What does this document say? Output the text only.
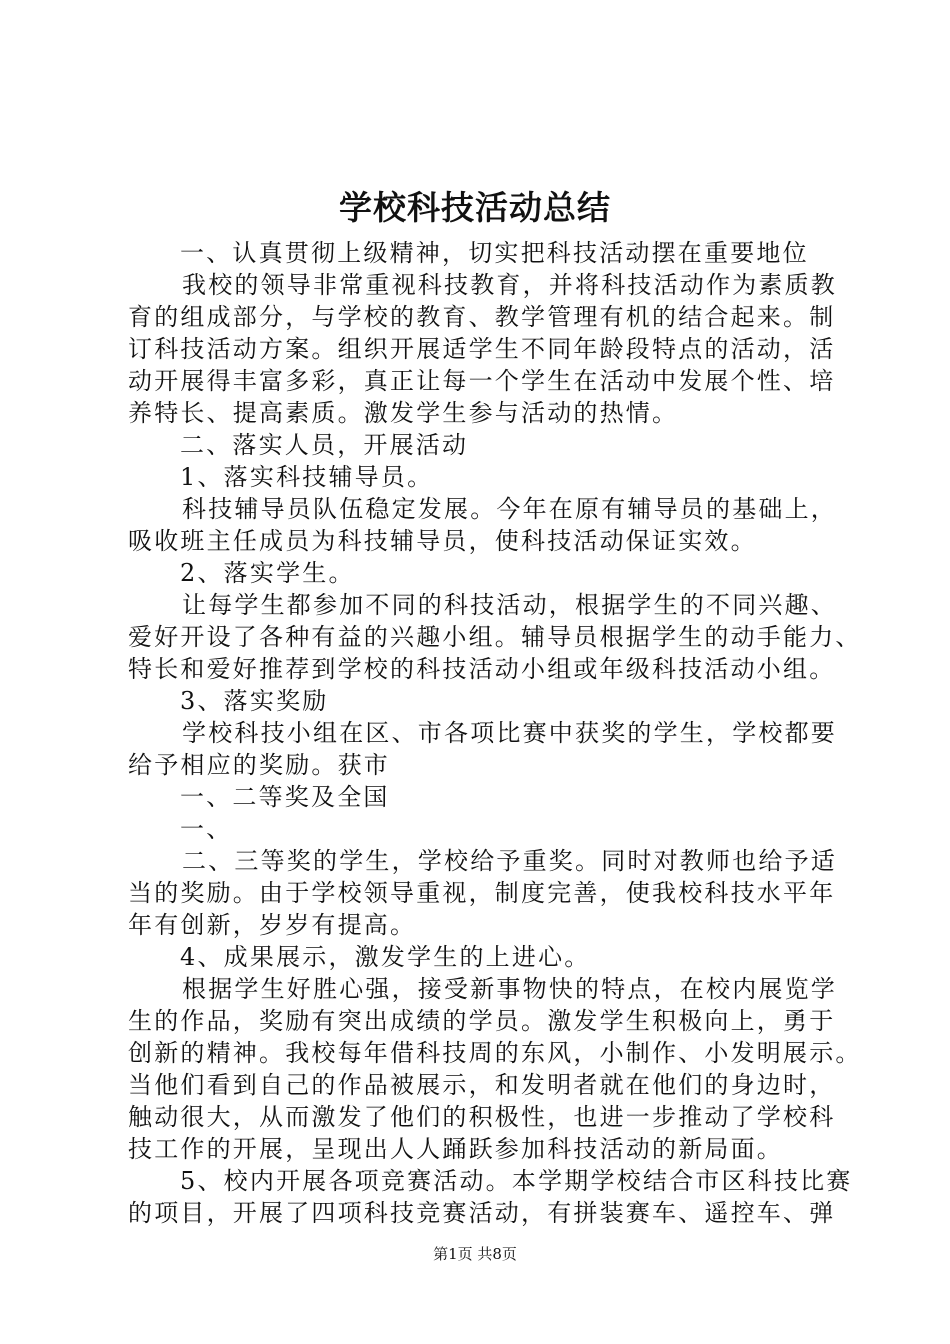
学校科技活动总结
一、认真贯彻上级精神，切实把科技活动摆在重要地位
我校的领导非常重视科技教育，并将科技活动作为素质教
育的组成部分，与学校的教育、教学管理有机的结合起来。制
订科技活动方案。组织开展适学生不同年龄段特点的活动，活
动开展得丰富多彩，真正让每一个学生在活动中发展个性、培
养特长、提高素质。激发学生参与活动的热情。
二、落实人员，开展活动
1、落实科技辅导员。
科技辅导员队伍稳定发展。今年在原有辅导员的基础上，
吸收班主任成员为科技辅导员，使科技活动保证实效。
2、落实学生。
让每学生都参加不同的科技活动，根据学生的不同兴趣、
爱好开设了各种有益的兴趣小组。辅导员根据学生的动手能力、
特长和爱好推荐到学校的科技活动小组或年级科技活动小组。
3、落实奖励
学校科技小组在区、市各项比赛中获奖的学生，学校都要
给予相应的奖励。获市
一、二等奖及全国
一、
二、三等奖的学生，学校给予重奖。同时对教师也给予适
当的奖励。由于学校领导重视，制度完善，使我校科技水平年
年有创新，岁岁有提高。
4、成果展示，激发学生的上进心。
根据学生好胜心强，接受新事物快的特点，在校内展览学
生的作品，奖励有突出成绩的学员。激发学生积极向上，勇于
创新的精神。我校每年借科技周的东风，小制作、小发明展示。
当他们看到自己的作品被展示，和发明者就在他们的身边时，
触动很大，从而激发了他们的积极性，也进一步推动了学校科
技工作的开展，呈现出人人踊跃参加科技活动的新局面。
5、校内开展各项竞赛活动。本学期学校结合市区科技比赛
的项目，开展了四项科技竞赛活动，有拼装赛车、遥控车、弹
第1页 共8页
